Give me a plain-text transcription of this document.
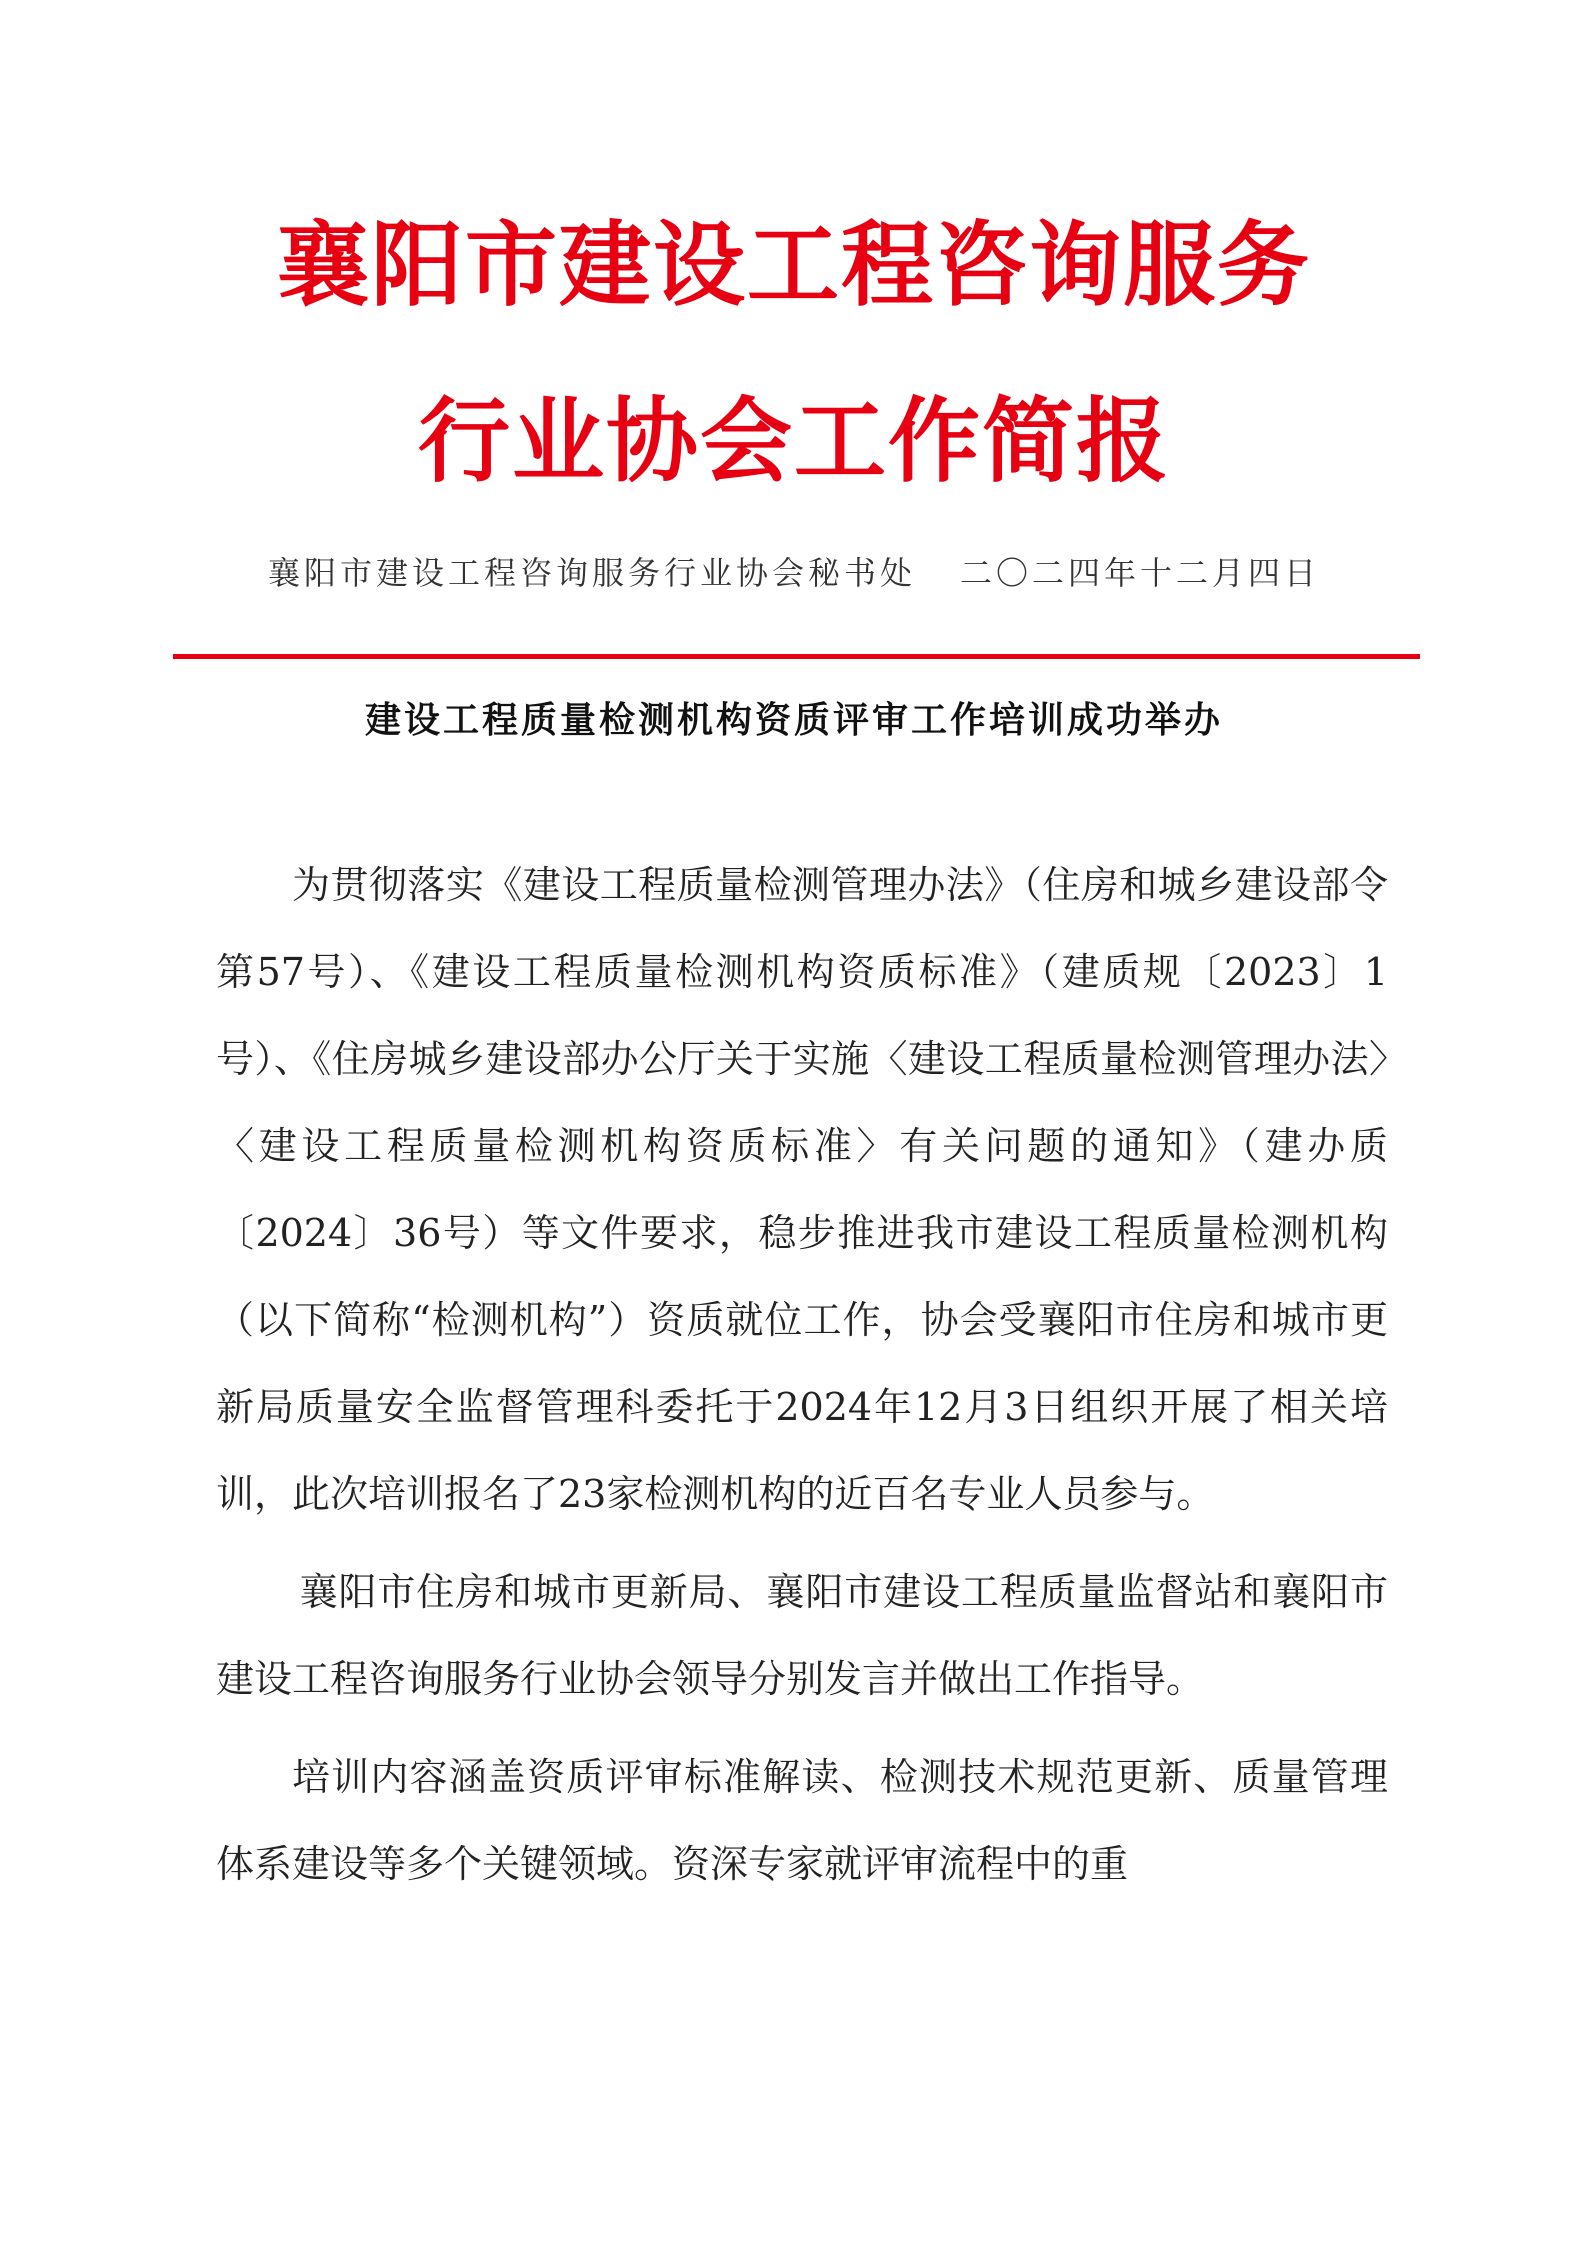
襄阳市建设工程咨询服务
行业协会工作简报
襄阳市建设工程咨询服务行业协会秘书处 二〇二四年十二月四日
建设工程质量检测机构资质评审工作培训成功举办

为贯彻落实《建设工程质量检测管理办法》（住房和城乡建设部令第57号）、《建设工程质量检测机构资质标准》（建质规〔2023〕1号）、《住房城乡建设部办公厅关于实施〈建设工程质量检测管理办法〉〈建设工程质量检测机构资质标准〉有关问题的通知》（建办质〔2024〕36号）等文件要求，稳步推进我市建设工程质量检测机构（以下简称“检测机构”）资质就位工作，协会受襄阳市住房和城市更新局质量安全监督管理科委托于2024年12月3日组织开展了相关培训，此次培训报名了23家检测机构的近百名专业人员参与。

襄阳市住房和城市更新局、襄阳市建设工程质量监督站和襄阳市建设工程咨询服务行业协会领导分别发言并做出工作指导。

培训内容涵盖资质评审标准解读、检测技术规范更新、质量管理体系建设等多个关键领域。资深专家就评审流程中的重
